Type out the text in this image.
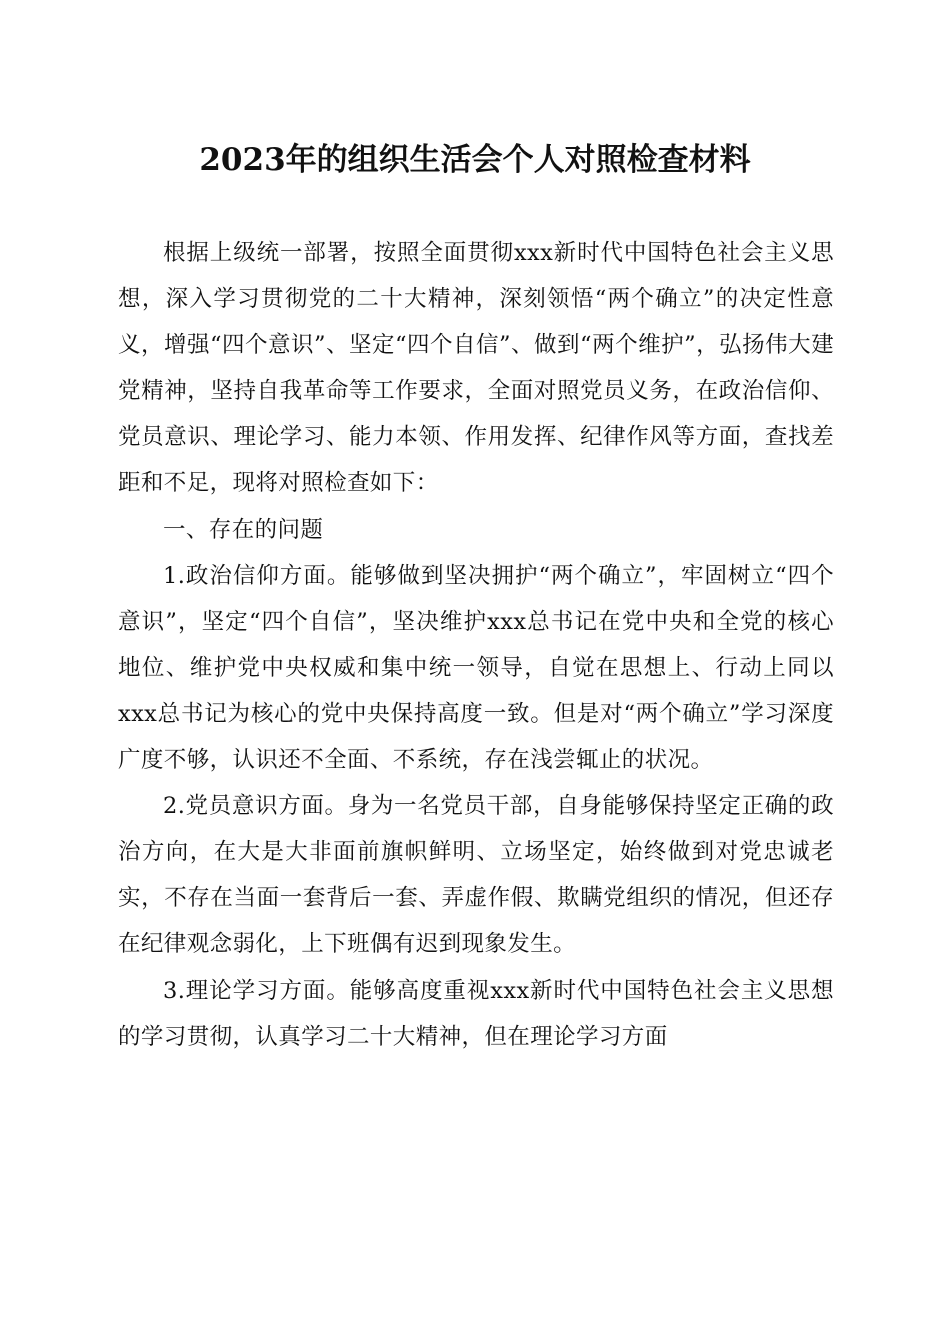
2023年的组织生活会个人对照检查材料

根据上级统一部署，按照全面贯彻xxx新时代中国特色社会主义思想，深入学习贯彻党的二十大精神，深刻领悟“两个确立”的决定性意义，增强“四个意识”、坚定“四个自信”、做到“两个维护”，弘扬伟大建党精神，坚持自我革命等工作要求，全面对照党员义务，在政治信仰、党员意识、理论学习、能力本领、作用发挥、纪律作风等方面，查找差距和不足，现将对照检查如下：

一、存在的问题

1.政治信仰方面。能够做到坚决拥护“两个确立”，牢固树立“四个意识”，坚定“四个自信”，坚决维护xxx总书记在党中央和全党的核心地位、维护党中央权威和集中统一领导，自觉在思想上、行动上同以xxx总书记为核心的党中央保持高度一致。但是对“两个确立”学习深度广度不够，认识还不全面、不系统，存在浅尝辄止的状况。

2.党员意识方面。身为一名党员干部，自身能够保持坚定正确的政治方向，在大是大非面前旗帜鲜明、立场坚定，始终做到对党忠诚老实，不存在当面一套背后一套、弄虚作假、欺瞒党组织的情况，但还存在纪律观念弱化，上下班偶有迟到现象发生。

3.理论学习方面。能够高度重视xxx新时代中国特色社会主义思想的学习贯彻，认真学习二十大精神，但在理论学习方面
